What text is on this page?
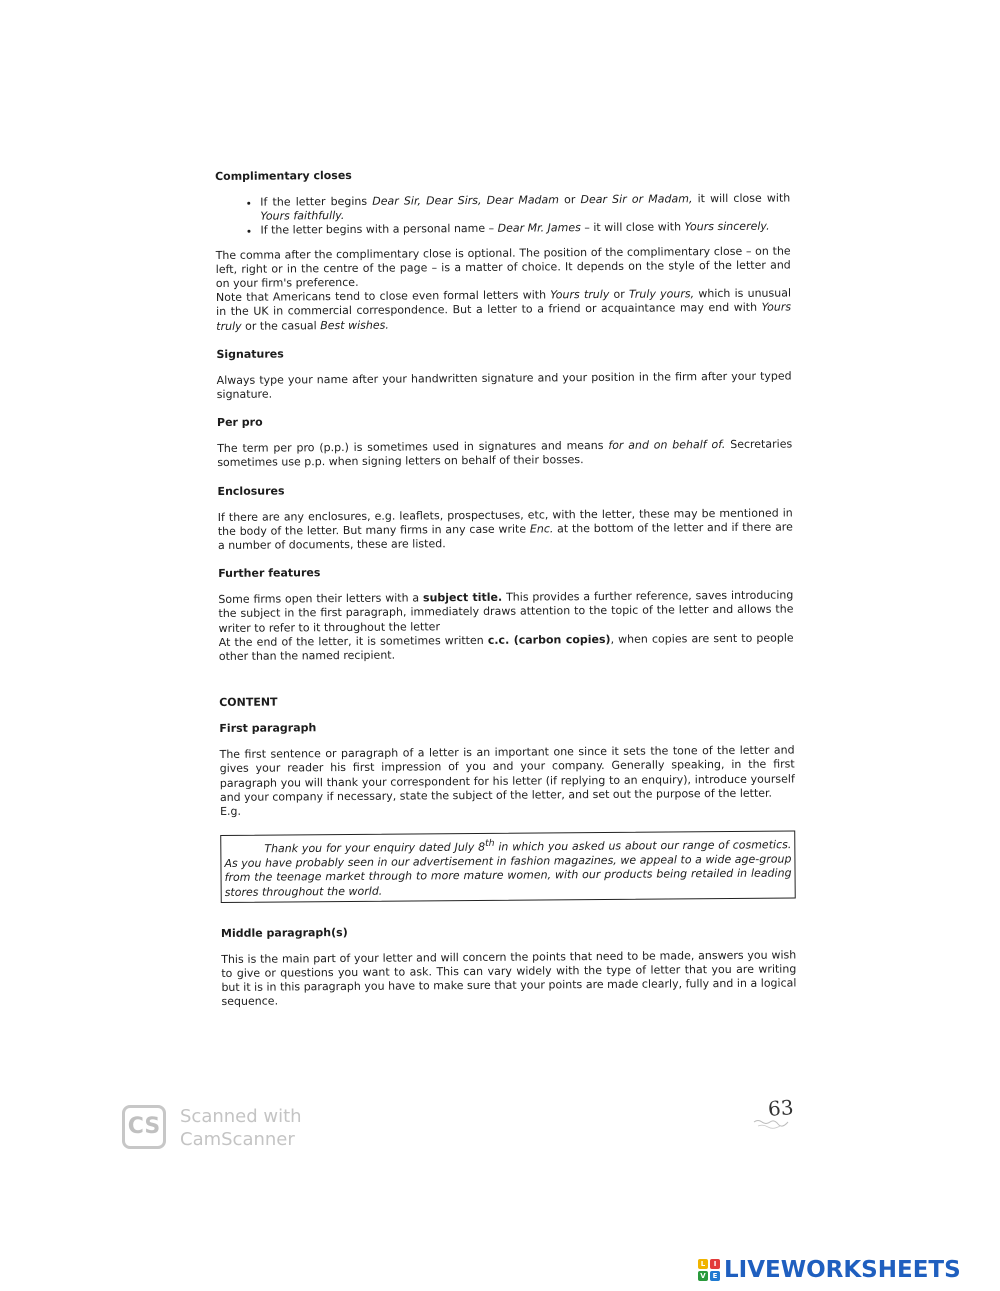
Complimentary closes
• If the letter begins Dear Sir, Dear Sirs, Dear Madam or Dear Sir or Madam, it will close with Yours faithfully.
• If the letter begins with a personal name – Dear Mr. James – it will close with Yours sincerely.

The comma after the complimentary close is optional. The position of the complimentary close – on the left, right or in the centre of the page – is a matter of choice. It depends on the style of the letter and on your firm's preference.

Note that Americans tend to close even formal letters with Yours truly or Truly yours, which is unusual in the UK in commercial correspondence. But a letter to a friend or acquaintance may end with Yours truly or the casual Best wishes.

Signatures

Always type your name after your handwritten signature and your position in the firm after your typed signature.

Per pro

The term per pro (p.p.) is sometimes used in signatures and means for and on behalf of. Secretaries sometimes use p.p. when signing letters on behalf of their bosses.

Enclosures

If there are any enclosures, e.g. leaflets, prospectuses, etc, with the letter, these may be mentioned in the body of the letter. But many firms in any case write Enc. at the bottom of the letter and if there are a number of documents, these are listed.

Further features

Some firms open their letters with a subject title. This provides a further reference, saves introducing the subject in the first paragraph, immediately draws attention to the topic of the letter and allows the writer to refer to it throughout the letter

At the end of the letter, it is sometimes written c.c. (carbon copies), when copies are sent to people other than the named recipient.

CONTENT
First paragraph

The first sentence or paragraph of a letter is an important one since it sets the tone of the letter and gives your reader his first impression of you and your company. Generally speaking, in the first paragraph you will thank your correspondent for his letter (if replying to an enquiry), introduce yourself and your company if necessary, state the subject of the letter, and set out the purpose of the letter.

E.g.

Thank you for your enquiry dated July 8th in which you asked us about our range of cosmetics. As you have probably seen in our advertisement in fashion magazines, we appeal to a wide age-group from the teenage market through to more mature women, with our products being retailed in leading stores throughout the world.
Middle paragraph(s)

This is the main part of your letter and will concern the points that need to be made, answers you wish to give or questions you want to ask. This can vary widely with the type of letter that you are writing but it is in this paragraph you have to make sure that your points are made clearly, fully and in a logical sequence.

63
CS	Scanned with
CamScanner
L	I
V E LIVEWORKSHEETS
